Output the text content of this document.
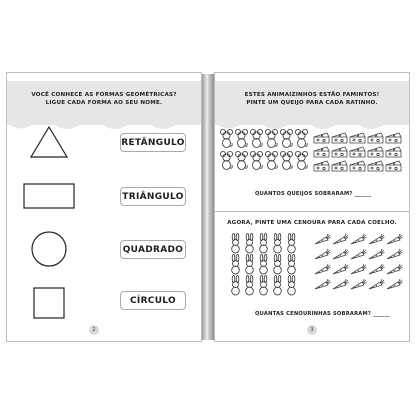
VOCÊ CONHECE AS FORMAS GEOMÉTRICAS?
LIGUE CADA FORMA AO SEU NOME.
RETÂNGULO
TRIÂNGULO
QUADRADO
CÍRCULO
2
ESTES ANIMAIZINHOS ESTÃO FAMINTOS!
PINTE UM QUEIJO PARA CADA RATINHO.
QUANTOS QUEIJOS SOBRARAM? ______
AGORA, PINTE UMA CENOURA PARA CADA COELHO.
QUANTAS CENOURINHAS SOBRARAM? ______
3
